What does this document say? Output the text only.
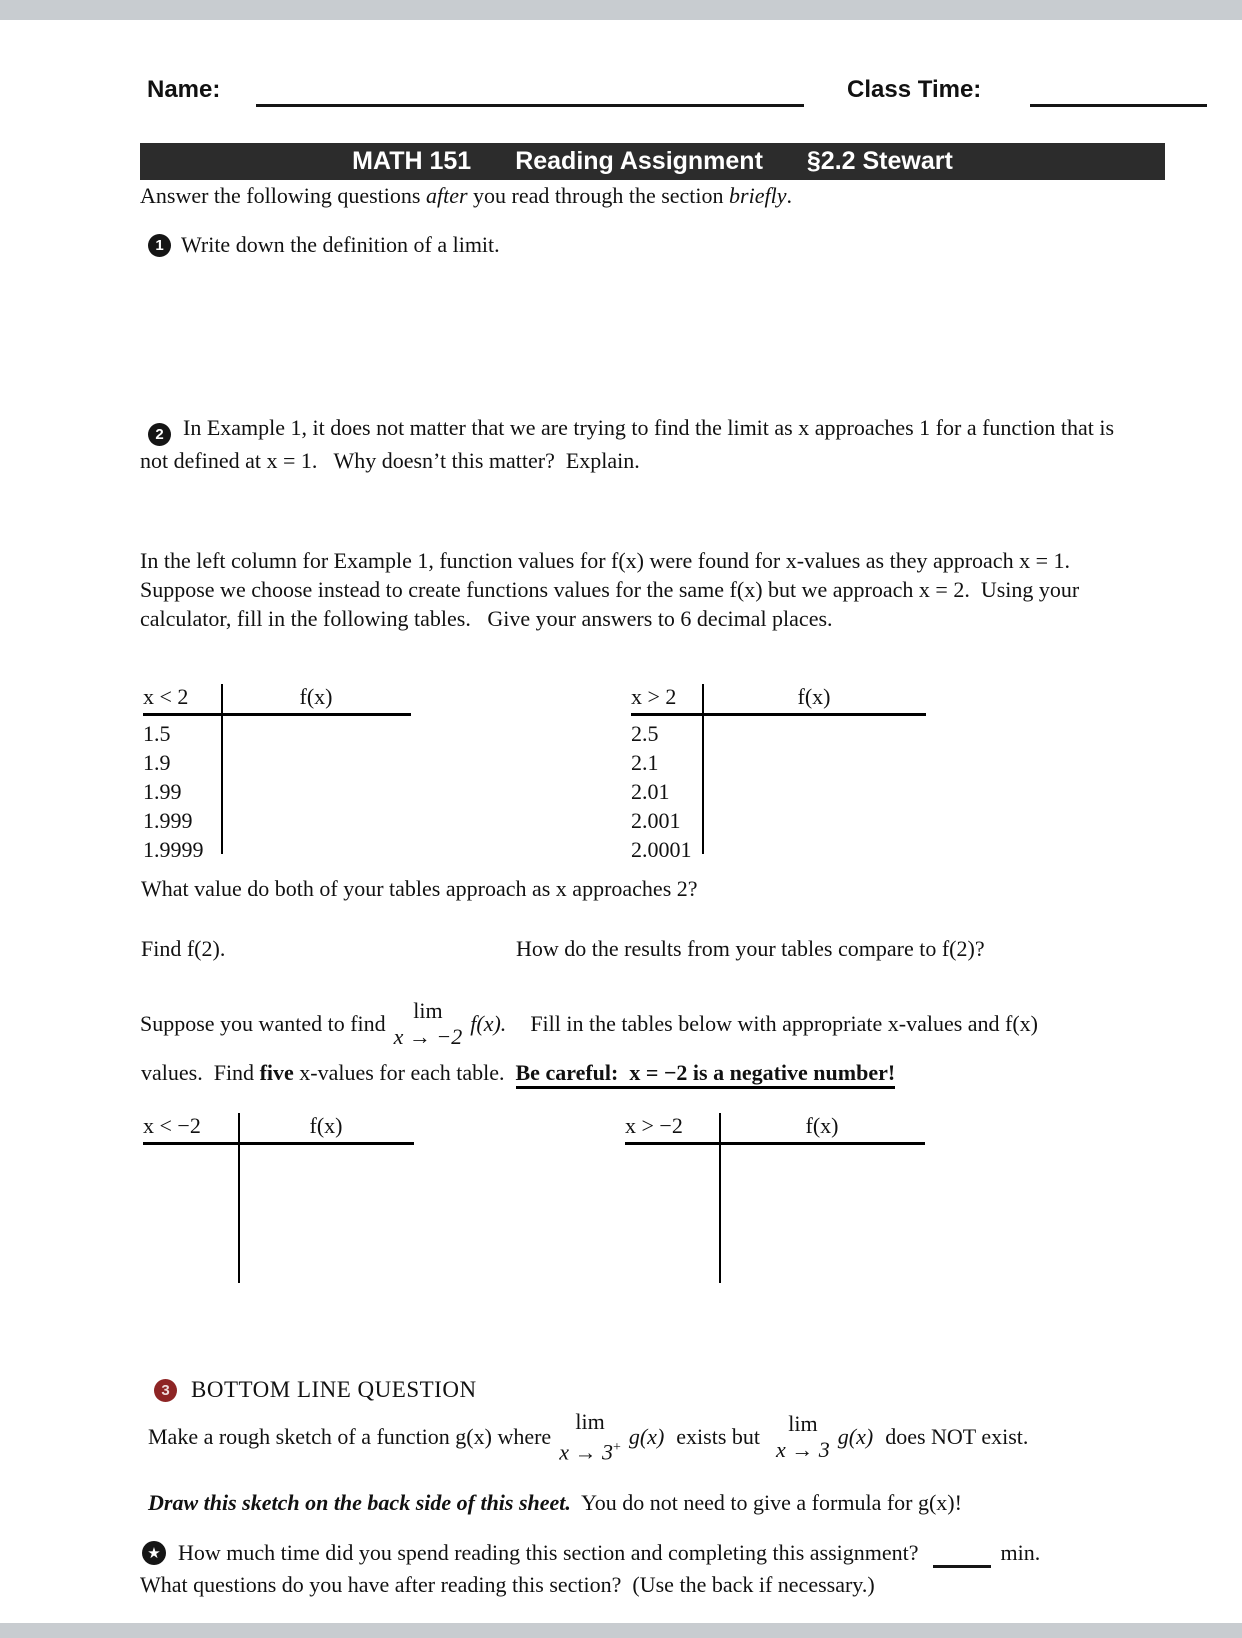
Name:	Class Time:
MATH 151 Reading Assignment §2.2 Stewart
Answer the following questions after you read through the section briefly.
1 Write down the definition of a limit.
2 In Example 1, it does not matter that we are trying to find the limit as x approaches 1 for a function that is not defined at x = 1.   Why doesn’t this matter?  Explain.
In the left column for Example 1, function values for f(x) were found for x-values as they approach x = 1.  Suppose we choose instead to create functions values for the same f(x) but we approach x = 2.  Using your calculator, fill in the following tables.   Give your answers to 6 decimal places.
x < 2	f(x)
1.5
1.9
1.99
1.999
1.9999
x > 2	f(x)
2.5
2.1
2.01
2.001
2.0001
What value do both of your tables approach as x approaches 2?
Find f(2).	How do the results from your tables compare to f(2)?
Suppose you wanted to find
lim
x → −2
f(x). Fill in the tables below with appropriate x-values and f(x)
values.  Find five x-values for each table.  Be careful:  x = −2 is a negative number!
x < −2	f(x)	x > −2	f(x)
3 BOTTOM LINE QUESTION
Make a rough sketch of a function g(x) where
lim
x → 3+ g(x) exists but
lim
x → 3
g(x) does NOT exist.
Draw this sketch on the back side of this sheet.  You do not need to give a formula for g(x)!
★ How much time did you spend reading this section and completing this assignment?	min.
What questions do you have after reading this section?  (Use the back if necessary.)
